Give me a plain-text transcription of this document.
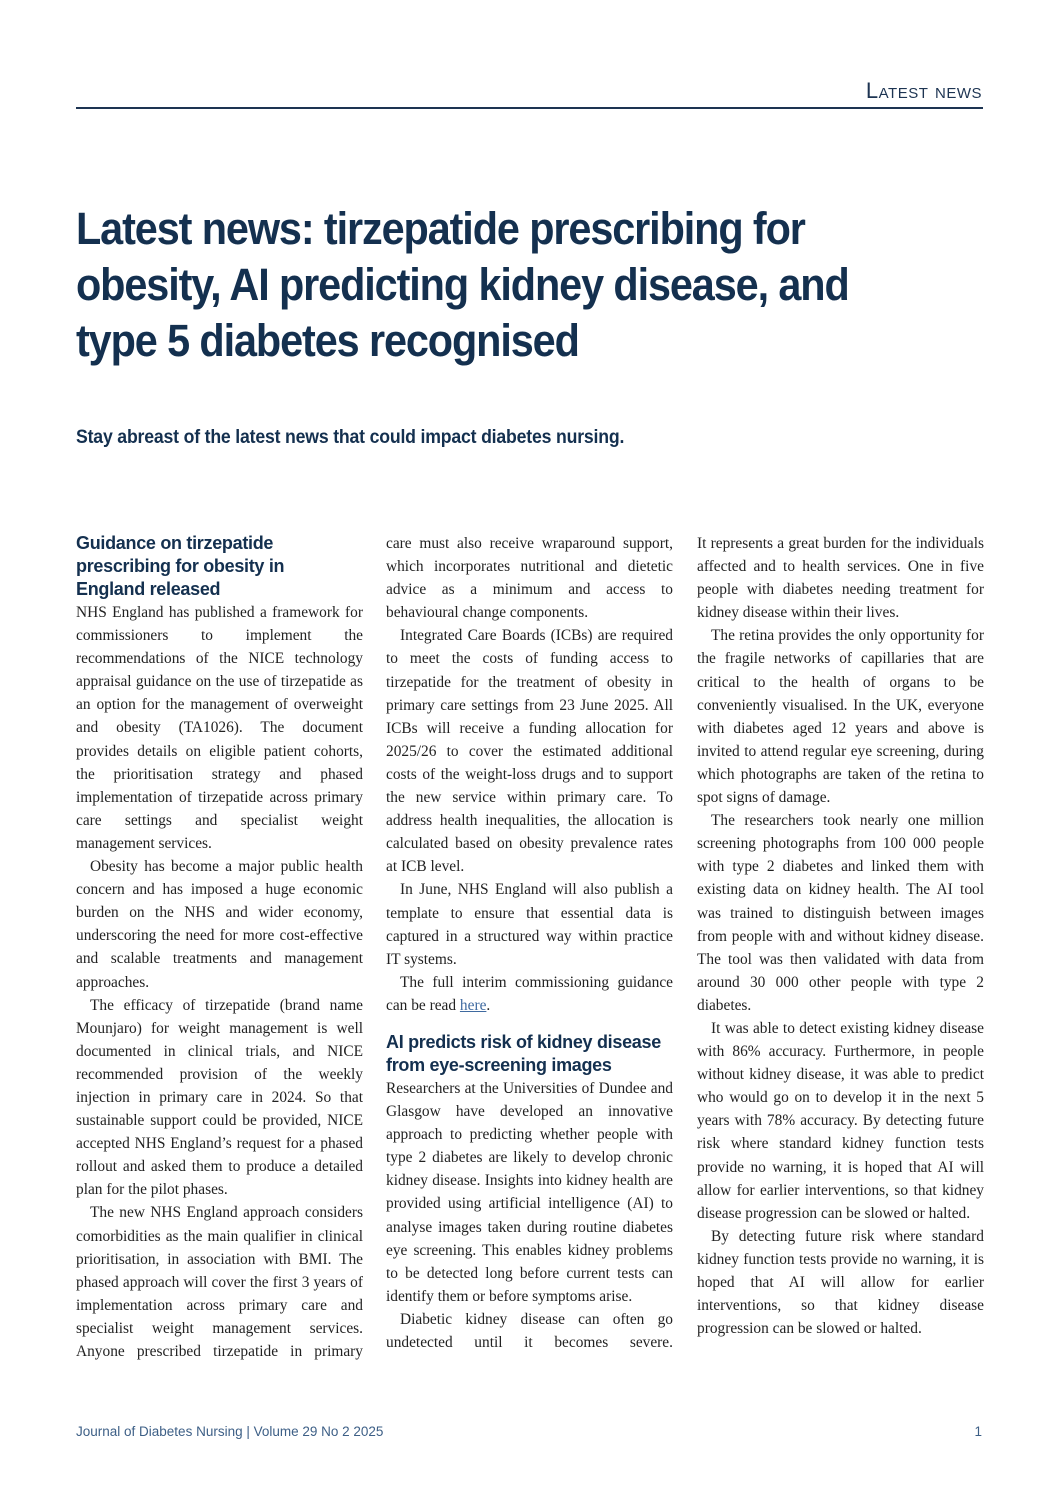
Latest news
Latest news: tirzepatide prescribing for obesity, AI predicting kidney disease, and type 5 diabetes recognised

Stay abreast of the latest news that could impact diabetes nursing.

Guidance on tirzepatide prescribing for obesity in England released

NHS England has published a framework for commissioners to implement the recommendations of the NICE technology appraisal guidance on the use of tirzepatide as an option for the management of overweight and obesity (TA1026). The document provides details on eligible patient cohorts, the prioritisation strategy and phased implementation of tirzepatide across primary care settings and specialist weight management services.

Obesity has become a major public health concern and has imposed a huge economic burden on the NHS and wider economy, underscoring the need for more cost-effective and scalable treatments and management approaches.

The efficacy of tirzepatide (brand name Mounjaro) for weight management is well documented in clinical trials, and NICE recommended provision of the weekly injection in primary care in 2024. So that sustainable support could be provided, NICE accepted NHS England’s request for a phased rollout and asked them to produce a detailed plan for the pilot phases.

The new NHS England approach considers comorbidities as the main qualifier in clinical prioritisation, in association with BMI. The phased approach will cover the first 3 years of implementation across primary care and specialist weight management services. Anyone prescribed tirzepatide in primary

care must also receive wraparound support, which incorporates nutritional and dietetic advice as a minimum and access to behavioural change components.

Integrated Care Boards (ICBs) are required to meet the costs of funding access to tirzepatide for the treatment of obesity in primary care settings from 23 June 2025. All ICBs will receive a funding allocation for 2025/26 to cover the estimated additional costs of the weight-loss drugs and to support the new service within primary care. To address health inequalities, the allocation is calculated based on obesity prevalence rates at ICB level.

In June, NHS England will also publish a template to ensure that essential data is captured in a structured way within practice IT systems.

The full interim commissioning guidance can be read here.

AI predicts risk of kidney disease from eye-screening images

Researchers at the Universities of Dundee and Glasgow have developed an innovative approach to predicting whether people with type 2 diabetes are likely to develop chronic kidney disease. Insights into kidney health are provided using artificial intelligence (AI) to analyse images taken during routine diabetes eye screening. This enables kidney problems to be detected long before current tests can identify them or before symptoms arise.

Diabetic kidney disease can often go undetected until it becomes severe.

It represents a great burden for the individuals affected and to health services. One in five people with diabetes needing treatment for kidney disease within their lives.

The retina provides the only opportunity for the fragile networks of capillaries that are critical to the health of organs to be conveniently visualised. In the UK, everyone with diabetes aged 12 years and above is invited to attend regular eye screening, during which photographs are taken of the retina to spot signs of damage.

The researchers took nearly one million screening photographs from 100 000 people with type 2 diabetes and linked them with existing data on kidney health. The AI tool was trained to distinguish between images from people with and without kidney disease. The tool was then validated with data from around 30 000 other people with type 2 diabetes.

It was able to detect existing kidney disease with 86% accuracy. Furthermore, in people without kidney disease, it was able to predict who would go on to develop it in the next 5 years with 78% accuracy. By detecting future risk where standard kidney function tests provide no warning, it is hoped that AI will allow for earlier interventions, so that kidney disease progression can be slowed or halted.

By detecting future risk where standard kidney function tests provide no warning, it is hoped that AI will allow for earlier interventions, so that kidney disease progression can be slowed or halted.

Journal of Diabetes Nursing | Volume 29 No 2 2025	1
